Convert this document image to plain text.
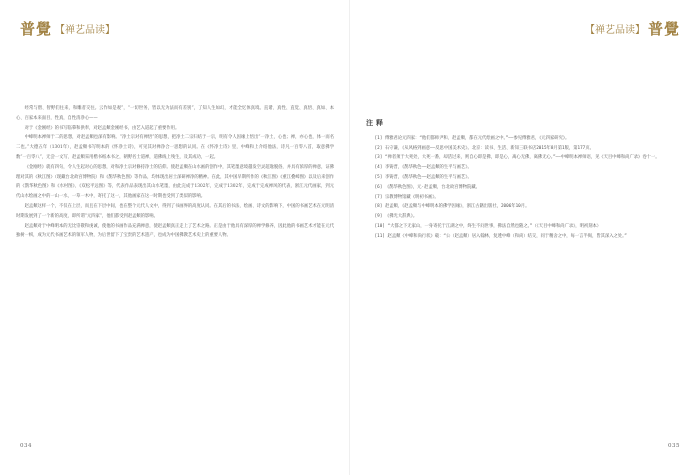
普覺 【禅艺品读】

经常与僧、智野们往来，和雕者交往。云作如是观”，“一切世务，皆以无为法而有差别”，了知人生如幻，才能全忆体真境。直谐、真性、直觉、真悟、真如、本心、百家本来面目，性真，自性清净心——

对于《金刚经》的书写临摹和供奉，对赵孟頫金刚经书，由艺入道起了重要作用。

中峰明本禅师于二的思想，对赵孟頫也深有影响。“净土宗对有禅悟”的思想，把净土二宗归结于一宗，明有令人因缘上悟出“一净土，心也；禅，亦心也，体一而名二也。”大德五年（1301年），赵孟頫书写明本的《怀净土诗》，可见其对禅净合一思想的认同。在《怀净土诗》里，中峰和上介绍他法，诗凡一百零八首，取意佛学数“一百零八”，无尝一文写、赵孟頫采用楷书纸本书之，朝野名士道禅，道佛线上残生，及其成功，一起。

《金刚经》就有四句，令人生起对心的思想，对和净土宗对修持净士的信仰。使赵孟頫在山水画的创作中，其笔墨意境越发空灵超逸脱俗，并具有浓厚的禅意，证佛理对其的《秋江图》（现藏台北故宫博物院）和《鹊华秋色图》等作品，均体现出居士深研禅净的精神。在此，其中国早期所作的《秋江图》《重江叠嶂图》以及后来创作的《鹊华秋色图》和《水村图》、《双松平远图》等，代表作品表现出其山水笔墨，由此完成于1302年，完成于1302年，完成于完成禅风的代表，浙江元代画家，到元代山水绘画之中的一山一水，一草一木中，寄托了这一，其他画家在这一时期也受到了类似的影响。

赵孟頫这样一个，不仅在上层，而且在下层中间，也在整个元代人文中，得到了书画界的高度认同。在其后的书法、绘画、诗文的影响下，中国的书画艺术在元明清时期发展到了一个新的高度，即所谓“元四家”，他们都受到赵孟頫的影响。

赵孟頫对于中峰明本的无比崇敬和虔诚，使他的书画作品充满禅意，使赵孟頫真正走上了艺术之路。正是由于他具有深厚的禅学修养，因此他的书画艺术才能在元代独树一帜，成为元代书画艺术的领军人物，为后世留下了宝贵的艺术遗产，也成为中国佛教艺术史上的重要人物。

034
【禅艺品读】 普覺
注释

[1] 傅雅君论元四家：“他们都师尹和、赵孟頫，都在元代绘画之中。”——参见傅雅君，《元四家研究》。

[2] 石守谦，《从风格到画意——反思中国美术史》。北京：读书、生活、新知三联书店2015年8月第1版，第177页。

[3] “禅者须于大死处，大死一番，却活过来，则自心即是佛，即是心，离心无佛，离佛无心。”——中峰明本禅师语，见《天目中峰和尚广录》卷十一。

[4] 李铸晋，《鹊华秋色——赵孟頫的生平与画艺》。

[5] 李铸晋，《鹊华秋色——赵孟頫的生平与画艺》。

[6] 《鹊华秋色图》，元·赵孟頫，台北故宫博物院藏。

[7] 宗教博物馆藏《明初书画》。

[8] 赵孟頫，《赵孟頫与中峰明本的佛学因缘》，浙江古籍出版社，2006年10月。

[9] 《佛光大辞典》。

[10] “大都之下无家山，一身寄托于江湖之中，终生不问世事，佛法自然也随之。”（《天目中峰和尚广录》，明初刻本）

[11] 赵孟頫《中峰和尚行状》载：“公（赵孟頫）居入翰林，复透中峰（和尚）结交，同于精舍之中，每一言半偈，皆其深入之处。”

035
